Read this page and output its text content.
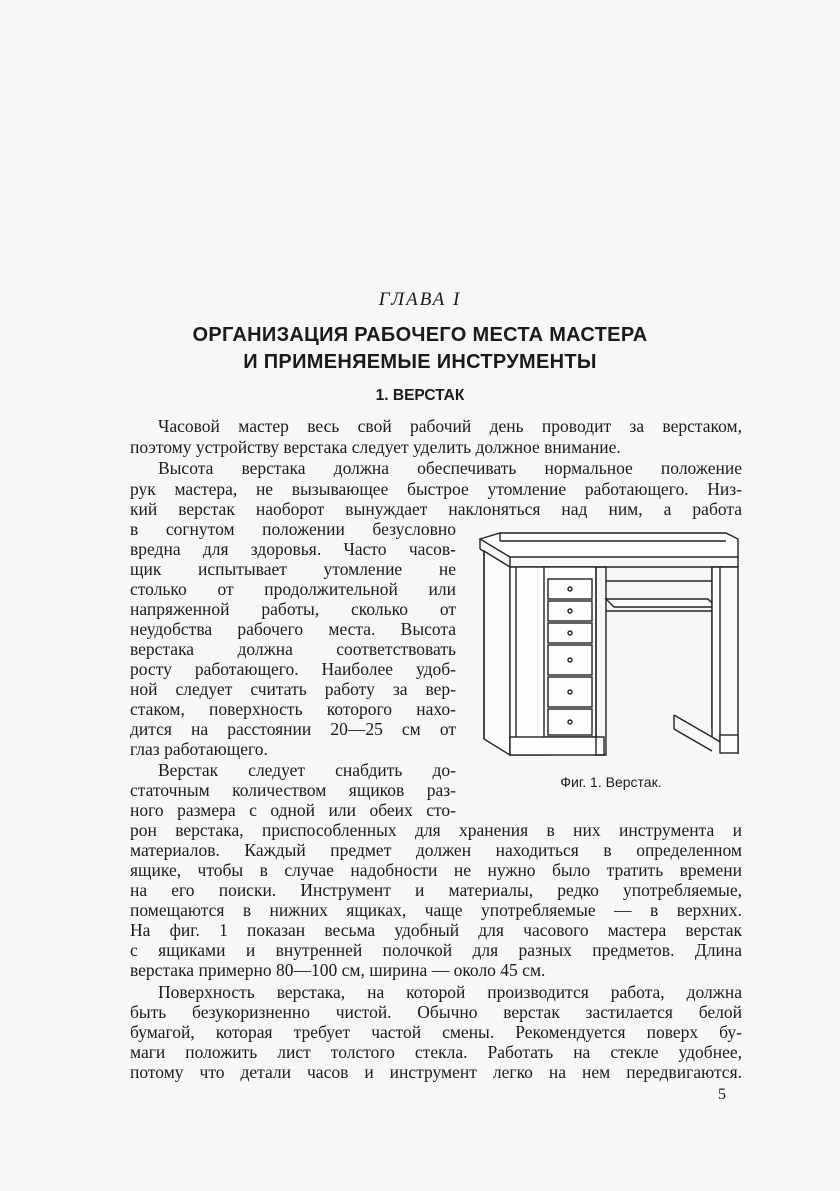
ГЛАВА I
ОРГАНИЗАЦИЯ РАБОЧЕГО МЕСТА МАСТЕРА
И ПРИМЕНЯЕМЫЕ ИНСТРУМЕНТЫ
1. ВЕРСТАК
Часовой мастер весь свой рабочий день проводит за верстаком,
поэтому устройству верстака следует уделить должное внимание.
Высота верстака должна обеспечивать нормальное положение
рук мастера, не вызывающее быстрое утомление работающего. Низ-
кий верстак наоборот вынуждает наклоняться над ним, а работа
в согнутом положении безусловно
вредна для здоровья. Часто часов-
щик испытывает утомление не
столько от продолжительной или
напряженной работы, сколько от
неудобства рабочего места. Высота
верстака должна соответствовать
росту работающего. Наиболее удоб-
ной следует считать работу за вер-
стаком, поверхность которого нахо-
дится на расстоянии 20—25 см от
глаз работающего.
Верстак следует снабдить до-
статочным количеством ящиков раз-
ного размера с одной или обеих сто-
рон верстака, приспособленных для хранения в них инструмента и
материалов. Каждый предмет должен находиться в определенном
ящике, чтобы в случае надобности не нужно было тратить времени
на его поиски. Инструмент и материалы, редко употребляемые,
помещаются в нижних ящиках, чаще употребляемые — в верхних.
На фиг. 1 показан весьма удобный для часового мастера верстак
с ящиками и внутренней полочкой для разных предметов. Длина
верстака примерно 80—100 см, ширина — около 45 см.
Поверхность верстака, на которой производится работа, должна
быть безукоризненно чистой. Обычно верстак застилается белой
бумагой, которая требует частой смены. Рекомендуется поверх бу-
маги положить лист толстого стекла. Работать на стекле удобнее,
потому что детали часов и инструмент легко на нем передвигаются.
Фиг. 1. Верстак.
5
